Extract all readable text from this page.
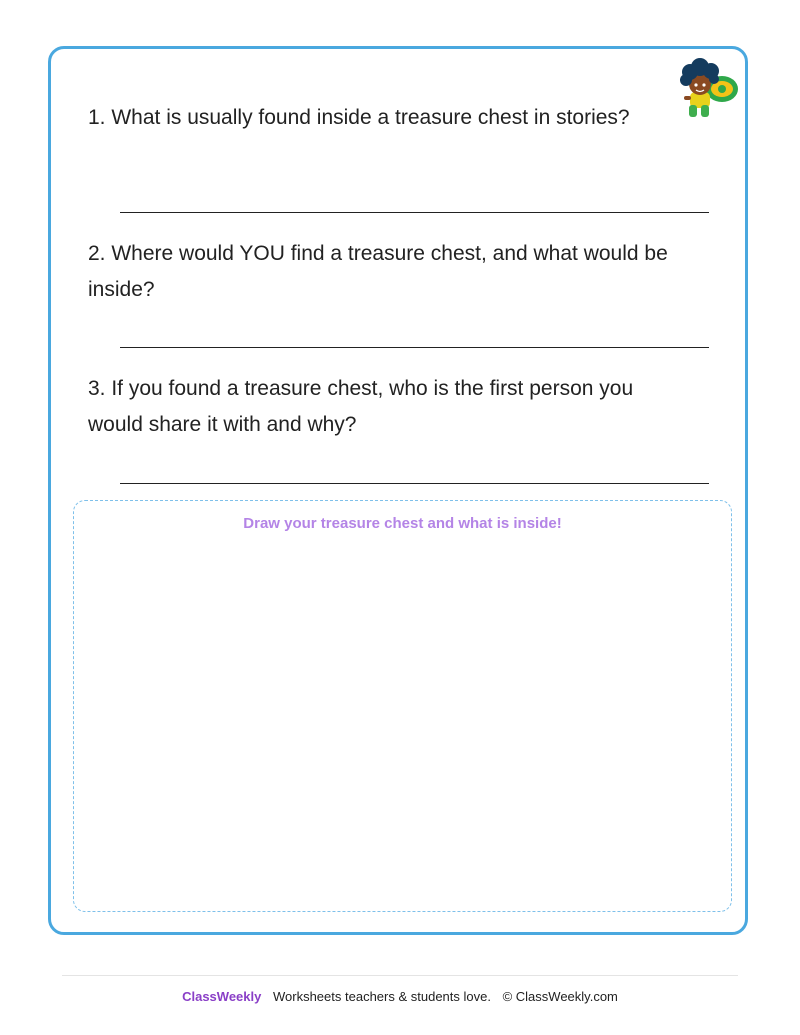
1. What is usually found inside a treasure chest in stories?
2. Where would YOU find a treasure chest, and what would be inside?
3. If you found a treasure chest, who is the first person you would share it with and why?
Draw your treasure chest and what is inside!
ClassWeekly Worksheets teachers & students love. © ClassWeekly.com
